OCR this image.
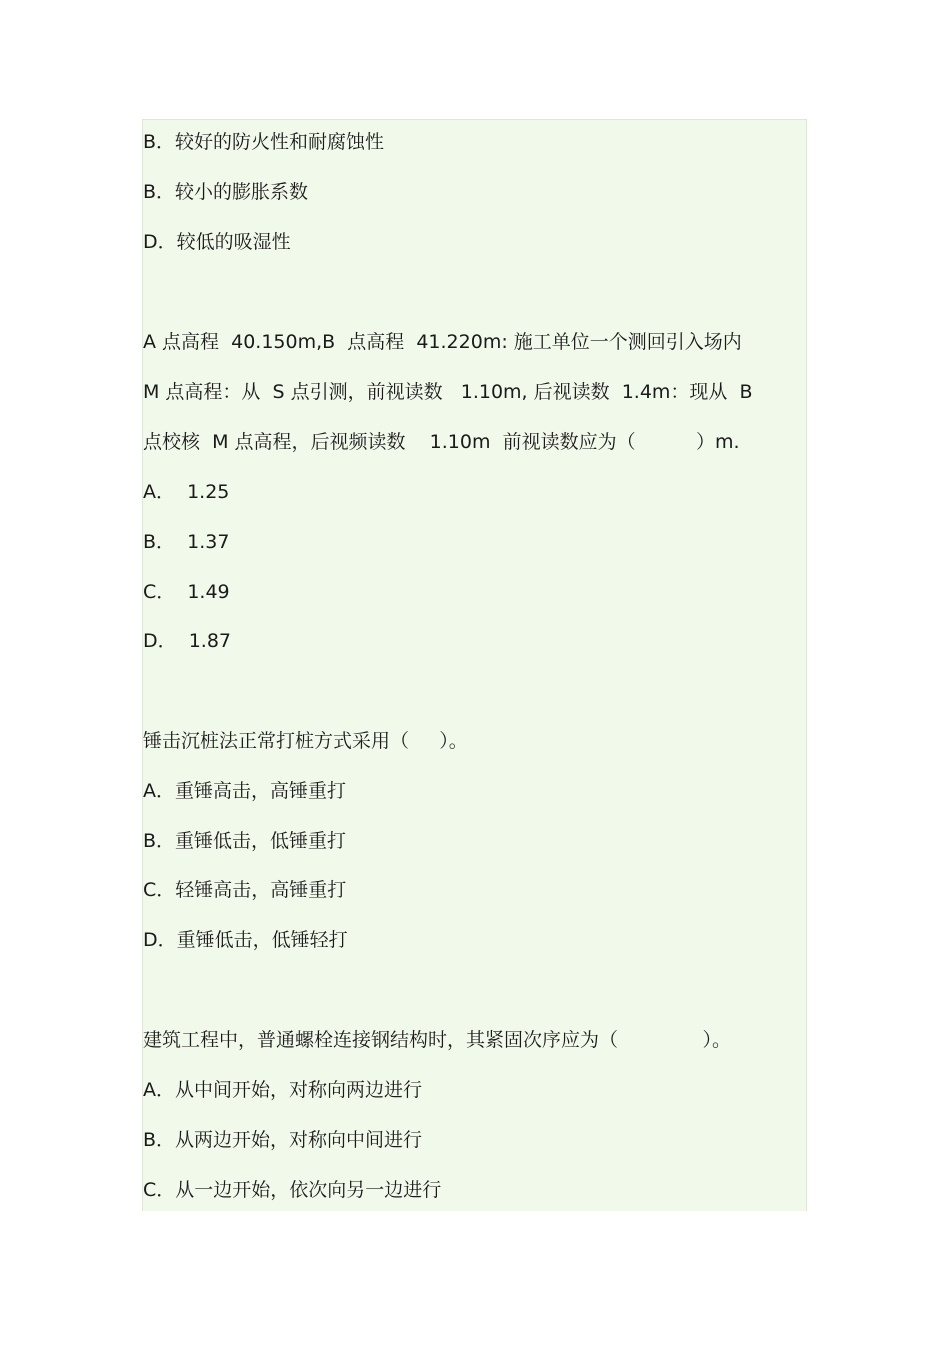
B．较好的防火性和耐腐蚀性
B．较小的膨胀系数
D．较低的吸湿性
A 点高程  40.150m,B  点高程  41.220m: 施工单位一个测回引入场内
M 点高程：从  S 点引测，前视读数   1.10m, 后视读数  1.4m：现从  B
点校核  M 点高程，后视频读数    1.10m  前视读数应为（          ）m.
A．  1.25
B．  1.37
C．  1.49
D．  1.87
锤击沉桩法正常打桩方式采用（     ）。
A．重锤高击，高锤重打
B．重锤低击，低锤重打
C．轻锤高击，高锤重打
D．重锤低击，低锤轻打
建筑工程中，普通螺栓连接钢结构时，其紧固次序应为（              ）。
A．从中间开始，对称向两边进行
B．从两边开始，对称向中间进行
C．从一边开始，依次向另一边进行
